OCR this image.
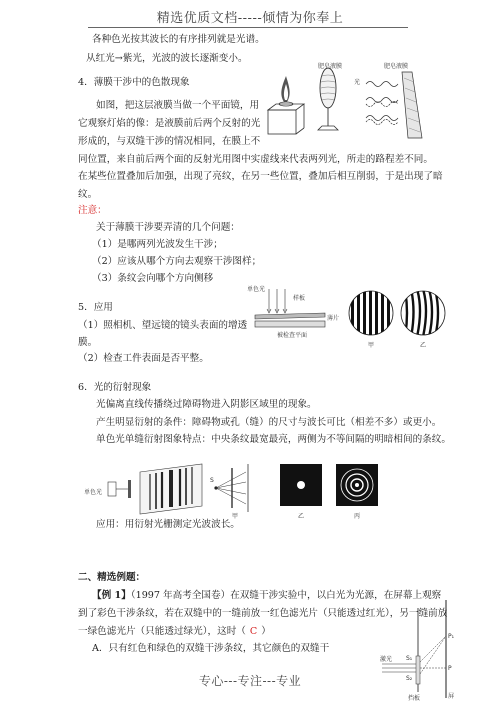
精选优质文档-----倾情为你奉上
各种色光按其波长的有序排列就是光谱。
从红光→紫光，光波的波长逐渐变小。
4．薄膜干涉中的色散现象
如图，把这层液膜当做一个平面镜，用
它观察灯焰的像：是液膜前后两个反射的光
形成的，与双缝干涉的情况相同，在膜上不
同位置，来自前后两个面的反射光用图中实虚线来代表两列光，所走的路程差不同。
在某些位置叠加后加强，出现了亮纹，在另一些位置，叠加后相互削弱，于是出现了暗
纹。
肥皂液膜	肥皂液膜
光
注意：
关于薄膜干涉要弄清的几个问题：
（1）是哪两列光波发生干涉；
（2）应该从哪个方向去观察干涉图样；
（3）条纹会向哪个方向侧移
5．应用
（1）照相机、望远镜的镜头表面的增透
膜。
（2）检查工件表面是否平整。
单色光
样板
薄片
被检查平面
甲	乙
6．光的衍射现象
光偏离直线传播绕过障碍物进入阴影区域里的现象。
产生明显衍射的条件：障碍物或孔（缝）的尺寸与波长可比（相差不多）或更小。
单色光单缝衍射图象特点：中央条纹最宽最亮，两侧为不等间隔的明暗相间的条纹。
单色光
S
甲	乙	丙
应用：用衍射光栅测定光波波长。
二、精选例题：
【例 1】（1997 年高考全国卷）在双缝干涉实验中，以白光为光源，在屏幕上观察
到了彩色干涉条纹，若在双缝中的一缝前放一红色滤光片（只能透过红光），另一缝前放
一绿色滤光片（只能透过绿光），这时（ C ）
A．只有红色和绿色的双缝干涉条纹，其它颜色的双缝干
激光 S₁
S₂
P₁
P
挡板	屏
专心---专注---专业
